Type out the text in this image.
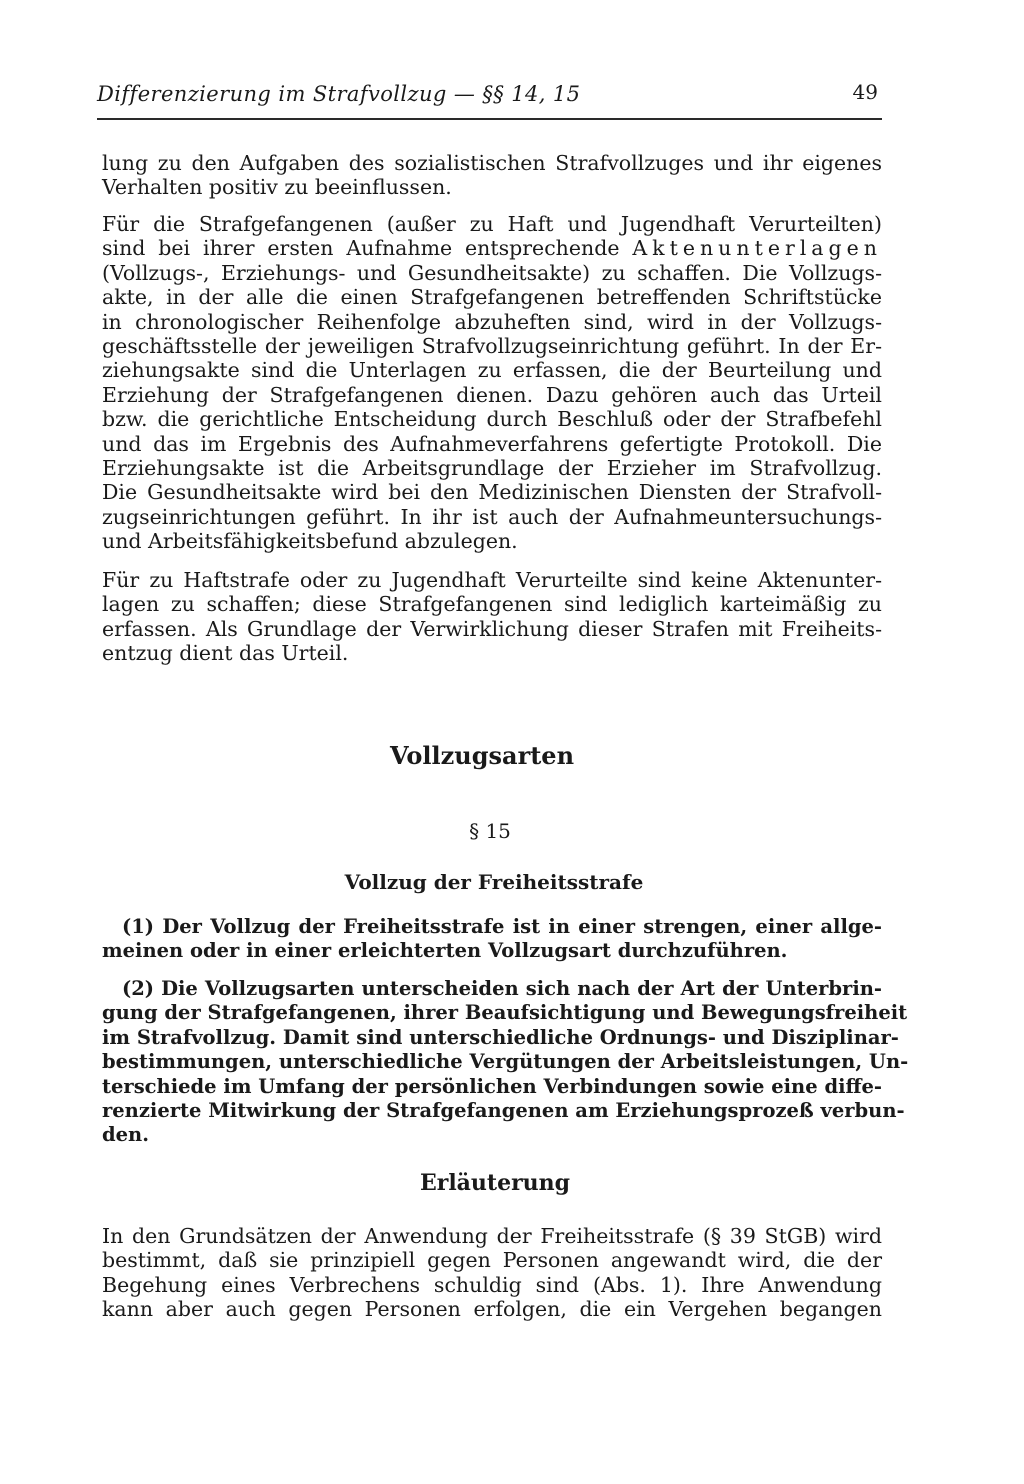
Differenzierung im Strafvollzug — §§ 14, 15	49
lung zu den Aufgaben des sozialistischen Strafvollzuges und ihr eigenes
Verhalten positiv zu beeinflussen.
Für die Strafgefangenen (außer zu Haft und Jugendhaft Verurteilten)
sind bei ihrer ersten Aufnahme entsprechende Aktenunterlagen
(Vollzugs-, Erziehungs- und Gesundheitsakte) zu schaffen. Die Vollzugs-
akte, in der alle die einen Strafgefangenen betreffenden Schriftstücke
in chronologischer Reihenfolge abzuheften sind, wird in der Vollzugs-
geschäftsstelle der jeweiligen Strafvollzugseinrichtung geführt. In der Er-
ziehungsakte sind die Unterlagen zu erfassen, die der Beurteilung und
Erziehung der Strafgefangenen dienen. Dazu gehören auch das Urteil
bzw. die gerichtliche Entscheidung durch Beschluß oder der Strafbefehl
und das im Ergebnis des Aufnahmeverfahrens gefertigte Protokoll. Die
Erziehungsakte ist die Arbeitsgrundlage der Erzieher im Strafvollzug.
Die Gesundheitsakte wird bei den Medizinischen Diensten der Strafvoll-
zugseinrichtungen geführt. In ihr ist auch der Aufnahmeuntersuchungs-
und Arbeitsfähigkeitsbefund abzulegen.
Für zu Haftstrafe oder zu Jugendhaft Verurteilte sind keine Aktenunter-
lagen zu schaffen; diese Strafgefangenen sind lediglich karteimäßig zu
erfassen. Als Grundlage der Verwirklichung dieser Strafen mit Freiheits-
entzug dient das Urteil.
Vollzugsarten
§ 15
Vollzug der Freiheitsstrafe
(1) Der Vollzug der Freiheitsstrafe ist in einer strengen, einer allge-
meinen oder in einer erleichterten Vollzugsart durchzuführen.
(2) Die Vollzugsarten unterscheiden sich nach der Art der Unterbrin-
gung der Strafgefangenen, ihrer Beaufsichtigung und Bewegungsfreiheit
im Strafvollzug. Damit sind unterschiedliche Ordnungs- und Disziplinar-
bestimmungen, unterschiedliche Vergütungen der Arbeitsleistungen, Un-
terschiede im Umfang der persönlichen Verbindungen sowie eine diffe-
renzierte Mitwirkung der Strafgefangenen am Erziehungsprozeß verbun-
den.
Erläuterung
In den Grundsätzen der Anwendung der Freiheitsstrafe (§ 39 StGB) wird
bestimmt, daß sie prinzipiell gegen Personen angewandt wird, die der
Begehung eines Verbrechens schuldig sind (Abs. 1). Ihre Anwendung
kann aber auch gegen Personen erfolgen, die ein Vergehen begangen
